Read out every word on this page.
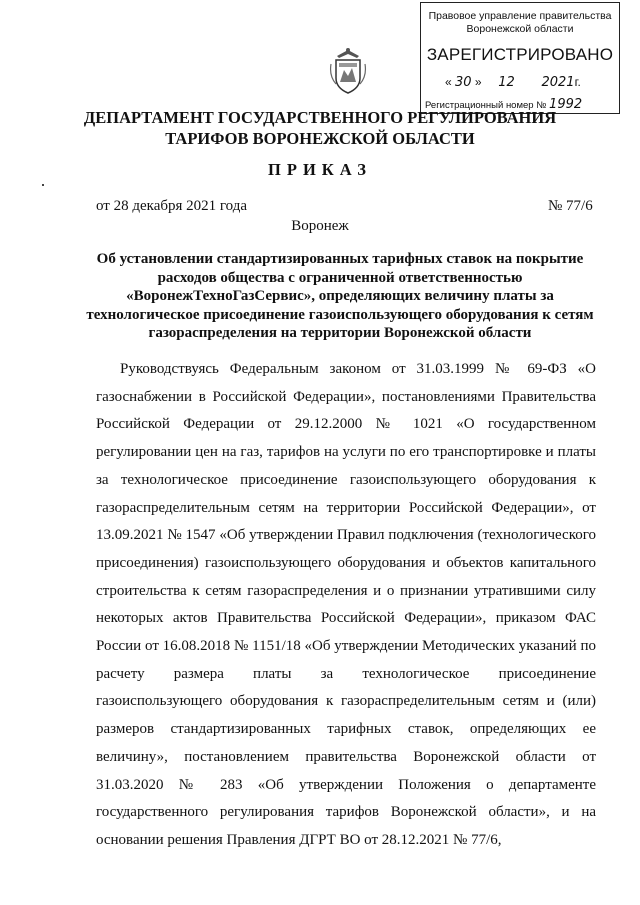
Правовое управление правительства
Воронежской области
ЗАРЕГИСТРИРОВАНО
« 30 »     12 2021г.
Регистрационный номер № 1992
ДЕПАРТАМЕНТ ГОСУДАРСТВЕННОГО РЕГУЛИРОВАНИЯ
ТАРИФОВ ВОРОНЕЖСКОЙ ОБЛАСТИ
ПРИКАЗ
от 28 декабря 2021 года	№ 77/6
Воронеж
Об установлении стандартизированных тарифных ставок на покрытие расходов общества с ограниченной ответственностью «ВоронежТехноГазСервис», определяющих величину платы за технологическое присоединение газоиспользующего оборудования к сетям газораспределения на территории Воронежской области

Руководствуясь Федеральным законом от 31.03.1999 № 69-ФЗ «О газоснабжении в Российской Федерации», постановлениями Правительства Российской Федерации от 29.12.2000 № 1021 «О государственном регулировании цен на газ, тарифов на услуги по его транспортировке и платы за технологическое присоединение газоиспользующего оборудования к газораспределительным сетям на территории Российской Федерации», от 13.09.2021 № 1547 «Об утверждении Правил подключения (технологического присоединения) газоиспользующего оборудования и объектов капитального строительства к сетям газораспределения и о признании утратившими силу некоторых актов Правительства Российской Федерации», приказом ФАС России от 16.08.2018 № 1151/18 «Об утверждении Методических указаний по расчету размера платы за технологическое присоединение газоиспользующего оборудования к газораспределительным сетям и (или) размеров стандартизированных тарифных ставок, определяющих ее величину», постановлением правительства Воронежской области от 31.03.2020 № 283 «Об утверждении Положения о департаменте государственного регулирования тарифов Воронежской области», и на основании решения Правления ДГРТ ВО от 28.12.2021 № 77/6,
